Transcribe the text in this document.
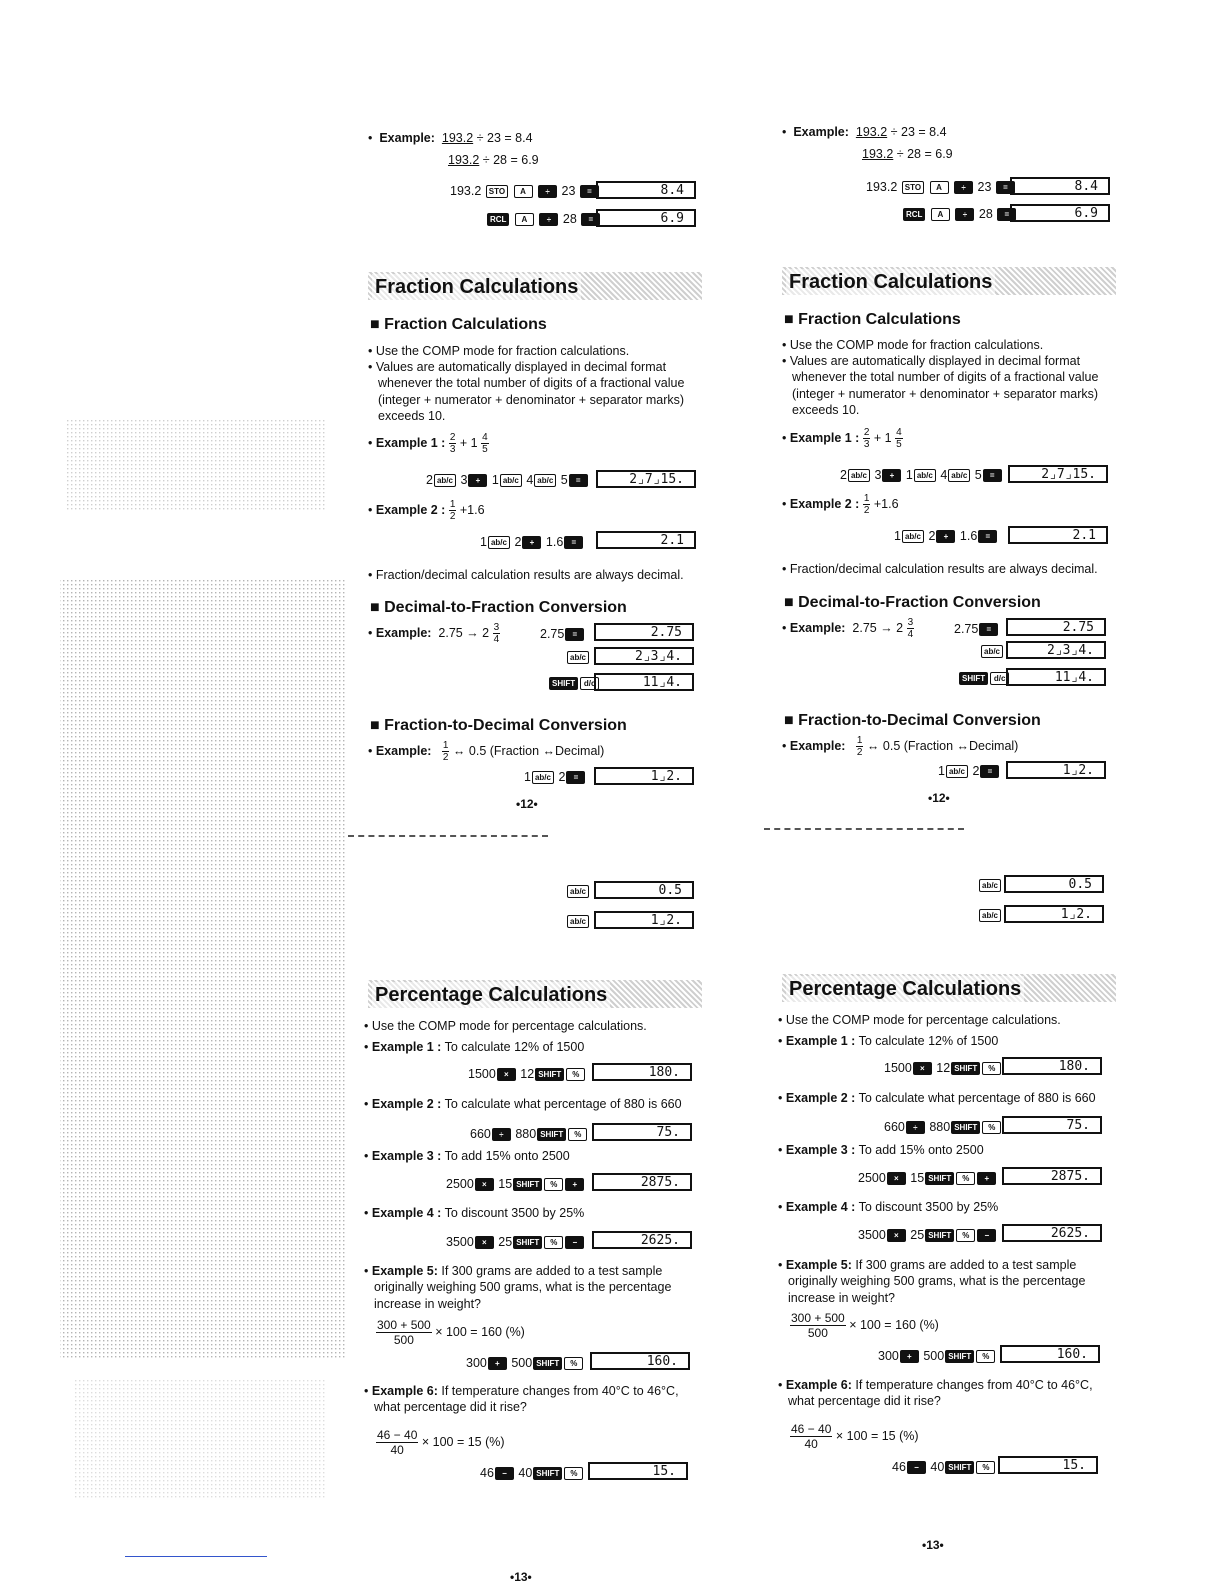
• Example: 193.2 ÷ 23 = 8.4
193.2 ÷ 28 = 6.9
193.2 STO A ÷ 23 =	8.4
RCL A ÷ 28 =	6.9
Fraction Calculations
■ Fraction Calculations
• Use the COMP mode for fraction calculations.
• Values are automatically displayed in decimal format whenever the total number of digits of a fractional value (integer + numerator + denominator + separator marks) exceeds 10.
• Example 1 : $\frac{2}{3} + 1 \frac{4}{5}$
2 ab/c 3 + 1 ab/c 4 ab/c 5 =	2⌟7⌟15.
• Example 2 : $\frac{1}{2} +1.6$
1 ab/c 2 + 1.6 =	2.1
• Fraction/decimal calculation results are always decimal.
■ Decimal-to-Fraction Conversion
• Example: $2.75 \to 2 \frac{3}{4}$	2.75 =	2.75
ab/c	2⌟3⌟4.
SHIFT d/c	11⌟4.
■ Fraction-to-Decimal Conversion
• Example: $\frac{1}{2}$ ↔ 0.5 (Fraction ↔Decimal)
1 ab/c 2 =	1⌟2.
•12•
ab/c	0.5
ab/c	1⌟2.
Percentage Calculations
• Use the COMP mode for percentage calculations.
• Example 1 : To calculate 12% of 1500
1500 × 12 SHIFT %	180.
• Example 2 : To calculate what percentage of 880 is 660
660 ÷ 880 SHIFT %	75.
• Example 3 : To add 15% onto 2500
2500 × 15 SHIFT % +	2875.
• Example 4 : To discount 3500 by 25%
3500 × 25 SHIFT % −	2625.
• Example 5: If 300 grams are added to a test sample originally weighing 500 grams, what is the percentage increase in weight?
$\frac{300 + 500}{500} \times 100 = 160$ (%)
300 + 500 SHIFT %	160.
• Example 6: If temperature changes from 40°C to 46°C, what percentage did it rise?
$\frac{46 - 40}{40} \times 100 = 15$ (%)
46 − 40 SHIFT %	15.
•13•
• Example: 193.2 ÷ 23 = 8.4
193.2 ÷ 28 = 6.9
193.2 STO A ÷ 23 =	8.4
RCL A ÷ 28 =	6.9
Fraction Calculations
■ Fraction Calculations
• Use the COMP mode for fraction calculations.
• Values are automatically displayed in decimal format whenever the total number of digits of a fractional value (integer + numerator + denominator + separator marks) exceeds 10.
• Example 1 : $\frac{2}{3} + 1 \frac{4}{5}$
2 ab/c 3 + 1 ab/c 4 ab/c 5 =	2⌟7⌟15.
• Example 2 : $\frac{1}{2} +1.6$
1 ab/c 2 + 1.6 =	2.1
• Fraction/decimal calculation results are always decimal.
■ Decimal-to-Fraction Conversion
• Example: $2.75 \to 2 \frac{3}{4}$	2.75 =	2.75
ab/c	2⌟3⌟4.
SHIFT d/c	11⌟4.
■ Fraction-to-Decimal Conversion
• Example: $\frac{1}{2}$ ↔ 0.5 (Fraction ↔Decimal)
1 ab/c 2 =	1⌟2.
•12•
ab/c	0.5
ab/c	1⌟2.
Percentage Calculations
• Use the COMP mode for percentage calculations.
• Example 1 : To calculate 12% of 1500
1500 × 12 SHIFT %	180.
• Example 2 : To calculate what percentage of 880 is 660
660 ÷ 880 SHIFT %	75.
• Example 3 : To add 15% onto 2500
2500 × 15 SHIFT % +	2875.
• Example 4 : To discount 3500 by 25%
3500 × 25 SHIFT % −	2625.
• Example 5: If 300 grams are added to a test sample originally weighing 500 grams, what is the percentage increase in weight?
$\frac{300 + 500}{500} \times 100 = 160$ (%)
300 + 500 SHIFT %	160.
• Example 6: If temperature changes from 40°C to 46°C, what percentage did it rise?
$\frac{46 - 40}{40} \times 100 = 15$ (%)
46 − 40 SHIFT %	15.
•13•
